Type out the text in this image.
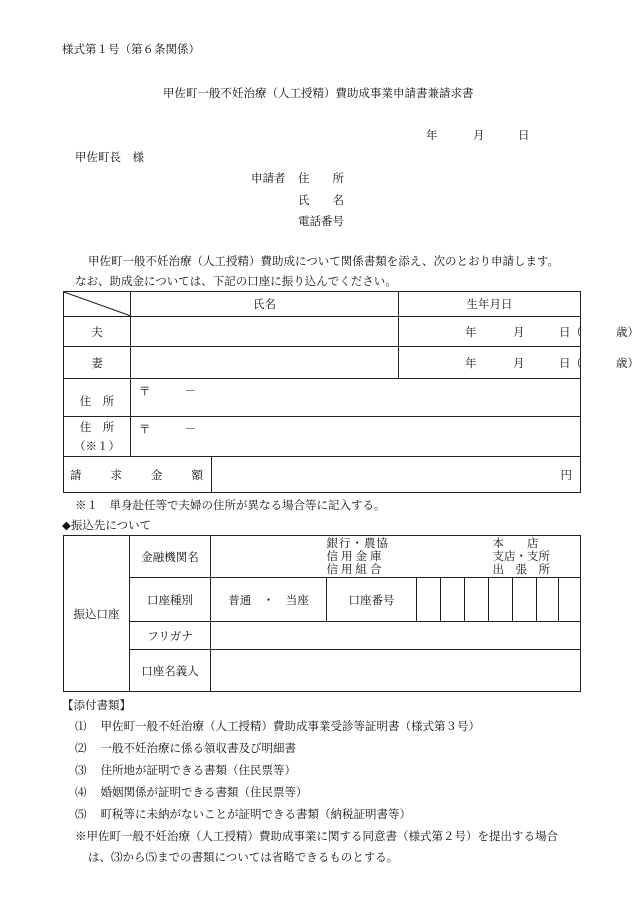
様式第１号（第６条関係）
甲佐町一般不妊治療（人工授精）費助成事業申請書兼請求書
年	月	日
甲佐町長　様
申請者 住　　所
氏　　名
電話番号
甲佐町一般不妊治療（人工授精）費助成について関係書類を添え、次のとおり申請します。
なお、助成金については、下記の口座に振り込んでください。
	氏名		生年月日
夫			年 月 日（ 歳）

妻			年 月 日（ 歳）

住　所	〒 －		

住　所
（※１）	〒 －		

請 求 金 額		円	
※１　単身赴任等で夫婦の住所が異なる場合等に記入する。
◆振込先について
振込口座	金融機関名		銀行・農協
信用金庫
信用組合				本　　店
支店・支所
出　張　所			

	口座種別	普通　・　当座	口座番号							
	フリガナ									
	口座名義人									
【添付書類】
⑴ 甲佐町一般不妊治療（人工授精）費助成事業受診等証明書（様式第３号）
⑵ 一般不妊治療に係る領収書及び明細書
⑶ 住所地が証明できる書類（住民票等）
⑷ 婚姻関係が証明できる書類（住民票等）
⑸ 町税等に未納がないことが証明できる書類（納税証明書等）
※甲佐町一般不妊治療（人工授精）費助成事業に関する同意書（様式第２号）を提出する場合
は、⑶から⑸までの書類については省略できるものとする。
